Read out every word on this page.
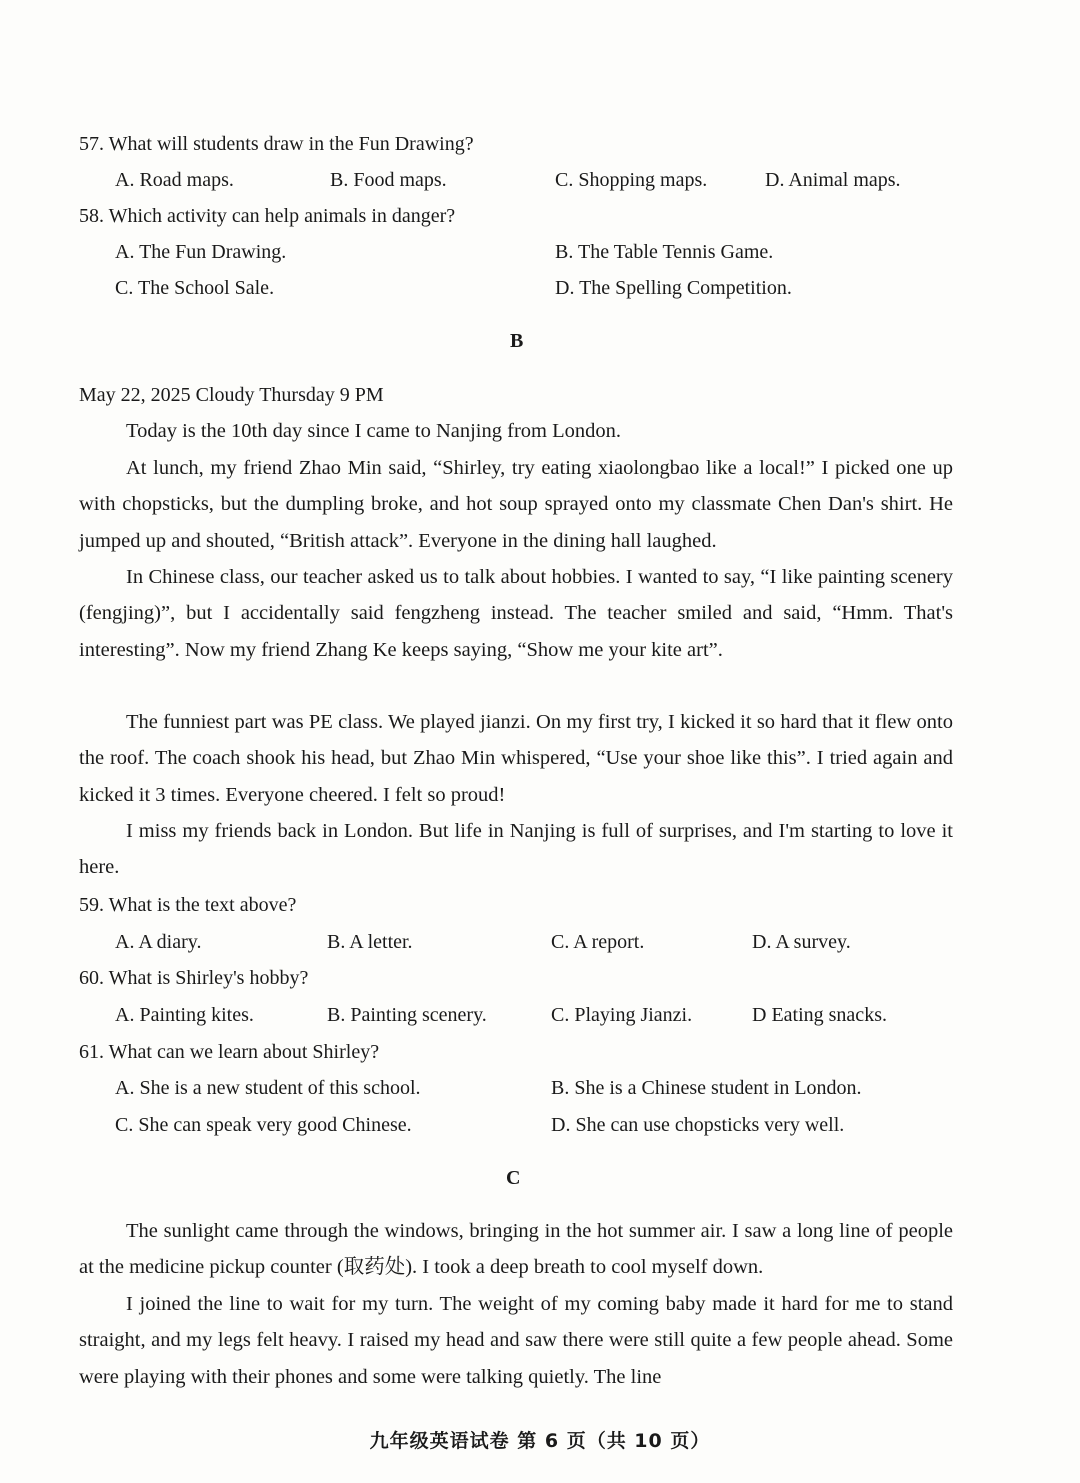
57. What will students draw in the Fun Drawing?
A. Road maps.	B. Food maps.	C. Shopping maps.	D. Animal maps.
58. Which activity can help animals in danger?
A. The Fun Drawing.	B. The Table Tennis Game.
C. The School Sale.	D. The Spelling Competition.
B
May 22, 2025 Cloudy Thursday 9 PM
Today is the 10th day since I came to Nanjing from London.
At lunch, my friend Zhao Min said, “Shirley, try eating xiaolongbao like a local!” I picked one up with chopsticks, but the dumpling broke, and hot soup sprayed onto my classmate Chen Dan's shirt. He jumped up and shouted, “British attack”. Everyone in the dining hall laughed.
In Chinese class, our teacher asked us to talk about hobbies. I wanted to say, “I like painting scenery (fengjing)”, but I accidentally said fengzheng instead. The teacher smiled and said, “Hmm. That's interesting”. Now my friend Zhang Ke keeps saying, “Show me your kite art”.
The funniest part was PE class. We played jianzi. On my first try, I kicked it so hard that it flew onto the roof. The coach shook his head, but Zhao Min whispered, “Use your shoe like this”. I tried again and kicked it 3 times. Everyone cheered. I felt so proud!
I miss my friends back in London. But life in Nanjing is full of surprises, and I'm starting to love it here.
59. What is the text above?
A. A diary.	B. A letter.	C. A report.	D. A survey.
60. What is Shirley's hobby?
A. Painting kites.	B. Painting scenery.	C. Playing Jianzi.	D Eating snacks.
61. What can we learn about Shirley?
A. She is a new student of this school.	B. She is a Chinese student in London.
C. She can speak very good Chinese.	D. She can use chopsticks very well.
C
The sunlight came through the windows, bringing in the hot summer air. I saw a long line of people at the medicine pickup counter (取药处). I took a deep breath to cool myself down.
I joined the line to wait for my turn. The weight of my coming baby made it hard for me to stand straight, and my legs felt heavy. I raised my head and saw there were still quite a few people ahead. Some were playing with their phones and some were talking quietly. The line
九年级英语试卷 第 6 页（共 10 页）
